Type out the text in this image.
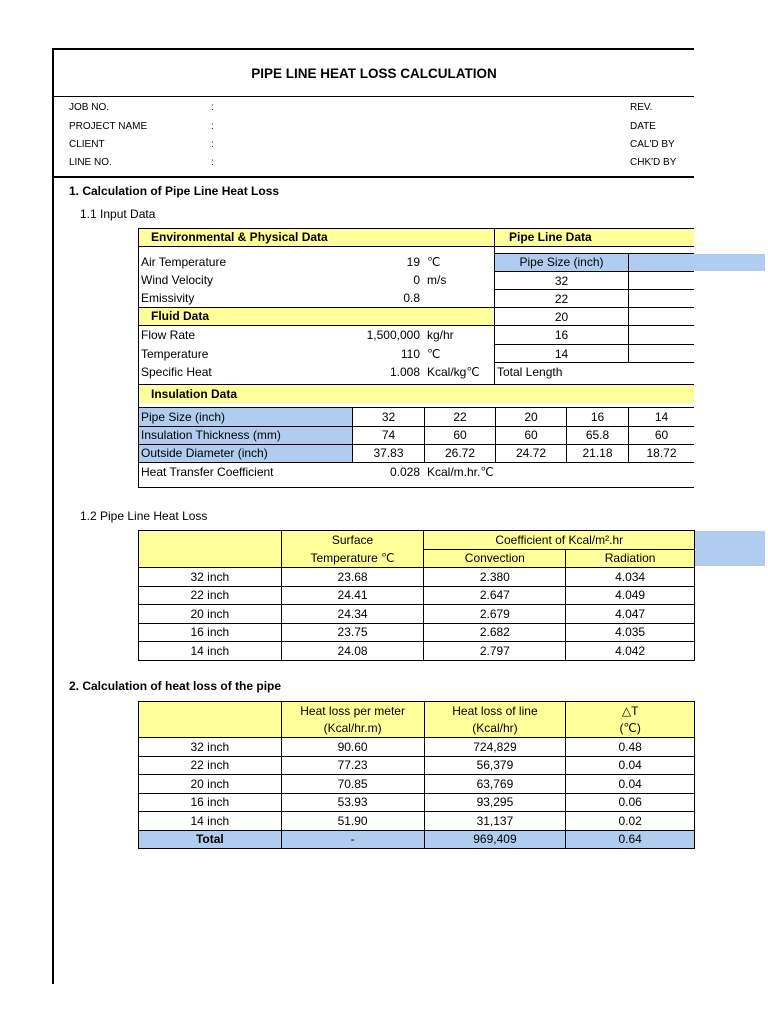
PIPE LINE HEAT LOSS CALCULATION
JOB NO.	:
PROJECT NAME	:
CLIENT	:
LINE NO.	:
REV.
DATE
CAL'D BY
CHK'D BY
1. Calculation of Pipe Line Heat Loss
1.1 Input Data
Environmental & Physical Data	Pipe Line Data
Air Temperature	19 ℃
Wind Velocity	0 m/s
Emissivity	0.8
Fluid Data
Flow Rate	1,500,000 kg/hr
Temperature	110 ℃
Specific Heat	1.008 Kcal/kg℃
Pipe Size (inch)
32
22
20
16
14
Total Length
Insulation Data
Pipe Size (inch)	32	22	20	16	14
Insulation Thickness (mm)	74	60	60	65.8	60
Outside Diameter (inch)	37.83	26.72	24.72	21.18	18.72
Heat Transfer Coefficient	0.028 Kcal/m.hr.℃
1.2 Pipe Line Heat Loss
	Surface	Coefficient of Kcal/m².hr	
	Temperature ℃	Convection	Radiation
32 inch	23.68	2.380	4.034
22 inch	24.41	2.647	4.049
20 inch	24.34	2.679	4.047
16 inch	23.75	2.682	4.035
14 inch	24.08	2.797	4.042
2. Calculation of heat loss of the pipe
	Heat loss per meter	Heat loss of line	△T
	(Kcal/hr.m)	(Kcal/hr)	(℃)
32 inch	90.60	724,829	0.48
22 inch	77.23	56,379	0.04
20 inch	70.85	63,769	0.04
16 inch	53.93	93,295	0.06
14 inch	51.90	31,137	0.02
Total	-	969,409	0.64
